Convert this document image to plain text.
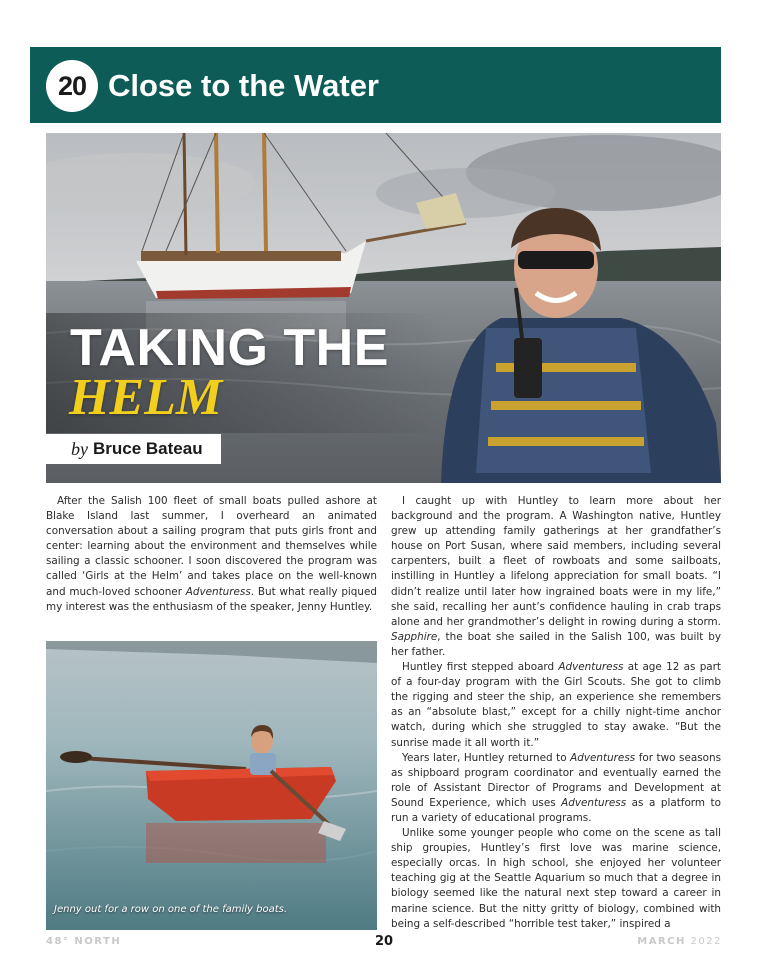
20 Close to the Water
TAKING THE
HELM
by Bruce Bateau

After the Salish 100 fleet of small boats pulled ashore at Blake Island last summer, I overheard an animated conversation about a sailing program that puts girls front and center: learning about the environment and themselves while sailing a classic schooner. I soon discovered the program was called ‘Girls at the Helm’ and takes place on the well-known and much-loved schooner Adventuress. But what really piqued my interest was the enthusiasm of the speaker, Jenny Huntley.

Jenny out for a row on one of the family boats.

I caught up with Huntley to learn more about her background and the program. A Washington native, Huntley grew up attending family gatherings at her grandfather’s house on Port Susan, where said members, including several carpenters, built a fleet of rowboats and some sailboats, instilling in Huntley a lifelong appreciation for small boats. “I didn’t realize until later how ingrained boats were in my life,” she said, recalling her aunt’s confidence hauling in crab traps alone and her grandmother’s delight in rowing during a storm. Sapphire, the boat she sailed in the Salish 100, was built by her father.

Huntley first stepped aboard Adventuress at age 12 as part of a four-day program with the Girl Scouts. She got to climb the rigging and steer the ship, an experience she remembers as an “absolute blast,” except for a chilly night-time anchor watch, during which she struggled to stay awake. “But the sunrise made it all worth it.”

Years later, Huntley returned to Adventuress for two seasons as shipboard program coordinator and eventually earned the role of Assistant Director of Programs and Development at Sound Experience, which uses Adventuress as a platform to run a variety of educational programs.

Unlike some younger people who come on the scene as tall ship groupies, Huntley’s first love was marine science, especially orcas. In high school, she enjoyed her volunteer teaching gig at the Seattle Aquarium so much that a degree in biology seemed like the natural next step toward a career in marine science. But the nitty gritty of biology, combined with being a self-described “horrible test taker,” inspired a

48° NORTH	20	MARCH 2022
